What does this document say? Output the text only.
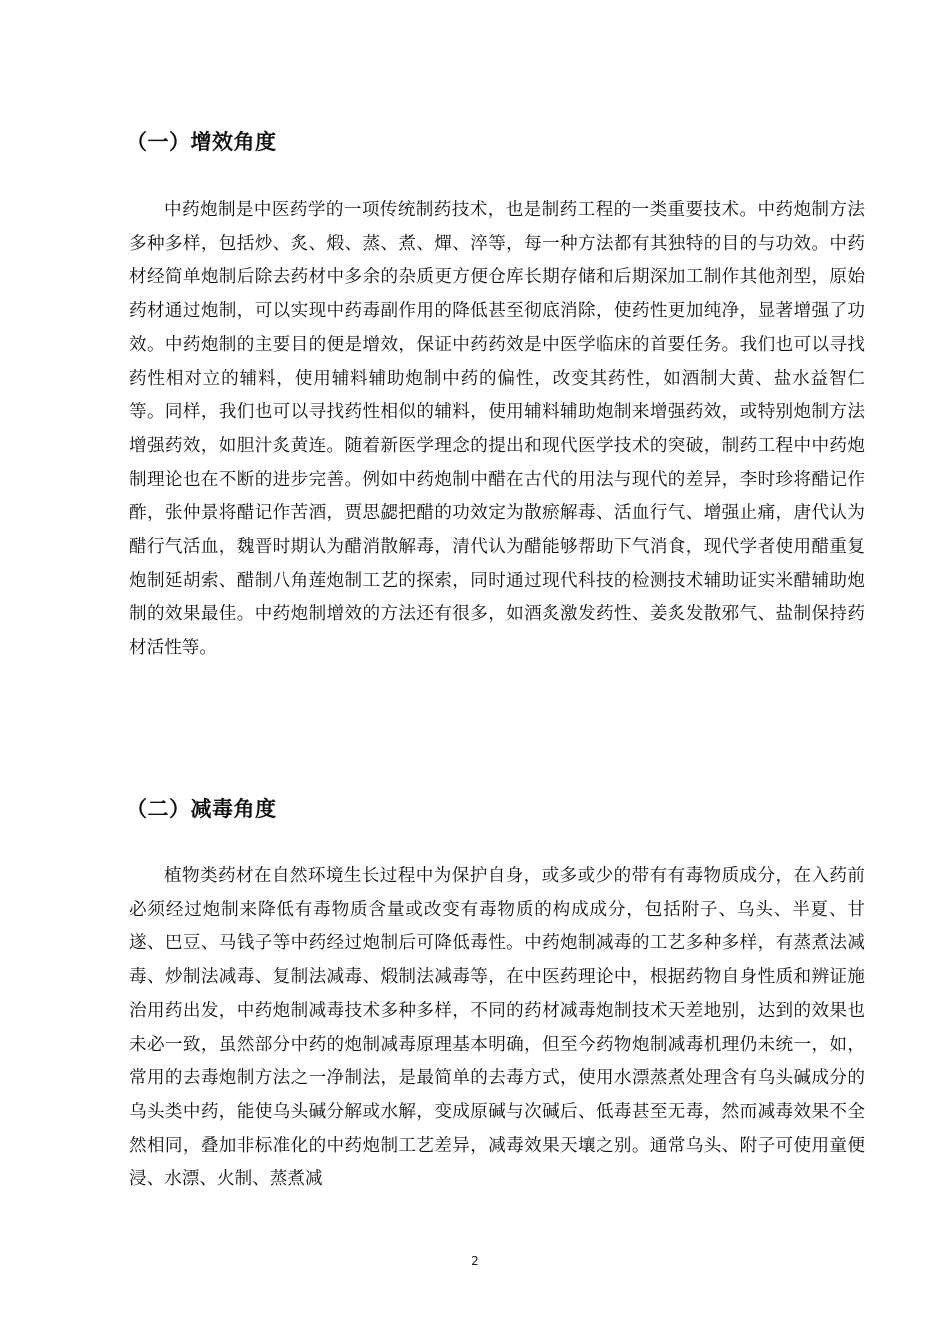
（一）增效角度

中药炮制是中医药学的一项传统制药技术，也是制药工程的一类重要技术。中药炮制方法多种多样，包括炒、炙、煅、蒸、煮、燀、淬等，每一种方法都有其独特的目的与功效。中药材经简单炮制后除去药材中多余的杂质更方便仓库长期存储和后期深加工制作其他剂型，原始药材通过炮制，可以实现中药毒副作用的降低甚至彻底消除，使药性更加纯净，显著增强了功效。中药炮制的主要目的便是增效，保证中药药效是中医学临床的首要任务。我们也可以寻找药性相对立的辅料，使用辅料辅助炮制中药的偏性，改变其药性，如酒制大黄、盐水益智仁等。同样，我们也可以寻找药性相似的辅料，使用辅料辅助炮制来增强药效，或特别炮制方法增强药效，如胆汁炙黄连。随着新医学理念的提出和现代医学技术的突破，制药工程中中药炮制理论也在不断的进步完善。例如中药炮制中醋在古代的用法与现代的差异，李时珍将醋记作酢，张仲景将醋记作苦酒，贾思勰把醋的功效定为散瘀解毒、活血行气、增强止痛，唐代认为醋行气活血，魏晋时期认为醋消散解毒，清代认为醋能够帮助下气消食，现代学者使用醋重复炮制延胡索、醋制八角莲炮制工艺的探索，同时通过现代科技的检测技术辅助证实米醋辅助炮制的效果最佳。中药炮制增效的方法还有很多，如酒炙激发药性、姜炙发散邪气、盐制保持药材活性等。

（二）减毒角度

植物类药材在自然环境生长过程中为保护自身，或多或少的带有有毒物质成分，在入药前必须经过炮制来降低有毒物质含量或改变有毒物质的构成成分，包括附子、乌头、半夏、甘遂、巴豆、马钱子等中药经过炮制后可降低毒性。中药炮制减毒的工艺多种多样，有蒸煮法减毒、炒制法减毒、复制法减毒、煅制法减毒等，在中医药理论中，根据药物自身性质和辨证施治用药出发，中药炮制减毒技术多种多样，不同的药材减毒炮制技术天差地别，达到的效果也未必一致，虽然部分中药的炮制减毒原理基本明确，但至今药物炮制减毒机理仍未统一，如，常用的去毒炮制方法之一净制法，是最简单的去毒方式，使用水漂蒸煮处理含有乌头碱成分的乌头类中药，能使乌头碱分解或水解，变成原碱与次碱后、低毒甚至无毒，然而减毒效果不全然相同，叠加非标准化的中药炮制工艺差异，减毒效果天壤之别。通常乌头、附子可使用童便浸、水漂、火制、蒸煮减

2
